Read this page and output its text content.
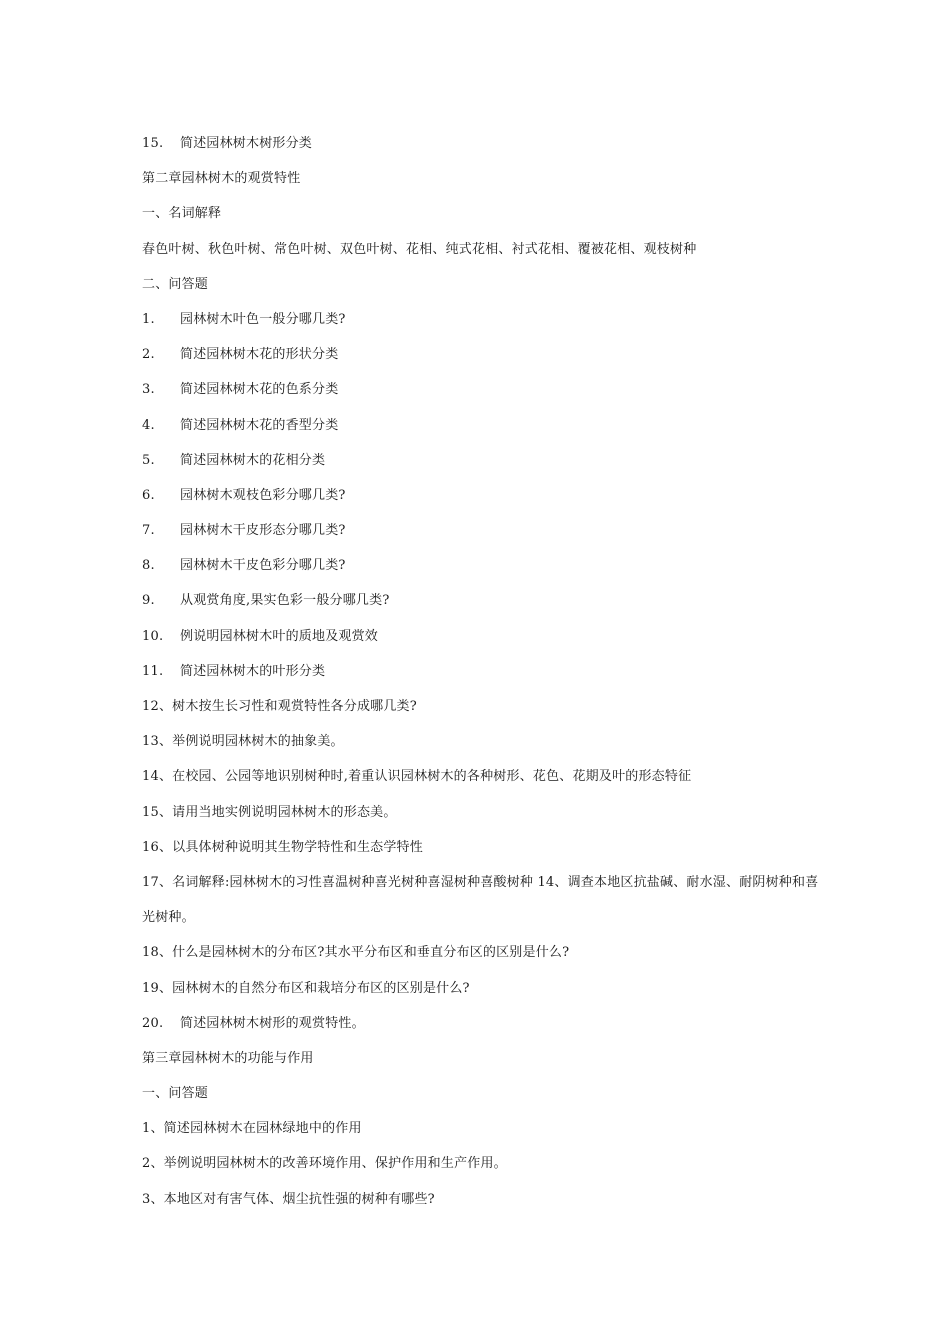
15. 简述园林树木树形分类
第二章园林树木的观赏特性
一、名词解释
春色叶树、秋色叶树、常色叶树、双色叶树、花相、纯式花相、衬式花相、覆被花相、观枝树种
二、问答题
1. 园林树木叶色一般分哪几类?
2. 简述园林树木花的形状分类
3. 简述园林树木花的色系分类
4. 简述园林树木花的香型分类
5. 简述园林树木的花相分类
6. 园林树木观枝色彩分哪几类?
7. 园林树木干皮形态分哪几类?
8. 园林树木干皮色彩分哪几类?
9. 从观赏角度,果实色彩一般分哪几类?
10. 例说明园林树木叶的质地及观赏效
11. 简述园林树木的叶形分类
12、树木按生长习性和观赏特性各分成哪几类?
13、举例说明园林树木的抽象美。
14、在校园、公园等地识别树种时,着重认识园林树木的各种树形、花色、花期及叶的形态特征
15、请用当地实例说明园林树木的形态美。
16、以具体树种说明其生物学特性和生态学特性
17、名词解释:园林树木的习性喜温树种喜光树种喜湿树种喜酸树种 14、调查本地区抗盐碱、耐水湿、耐阴树种和喜光树种。
18、什么是园林树木的分布区?其水平分布区和垂直分布区的区别是什么?
19、园林树木的自然分布区和栽培分布区的区别是什么?
20. 简述园林树木树形的观赏特性。
第三章园林树木的功能与作用
一、问答题
1、简述园林树木在园林绿地中的作用
2、举例说明园林树木的改善环境作用、保护作用和生产作用。
3、本地区对有害气体、烟尘抗性强的树种有哪些?
